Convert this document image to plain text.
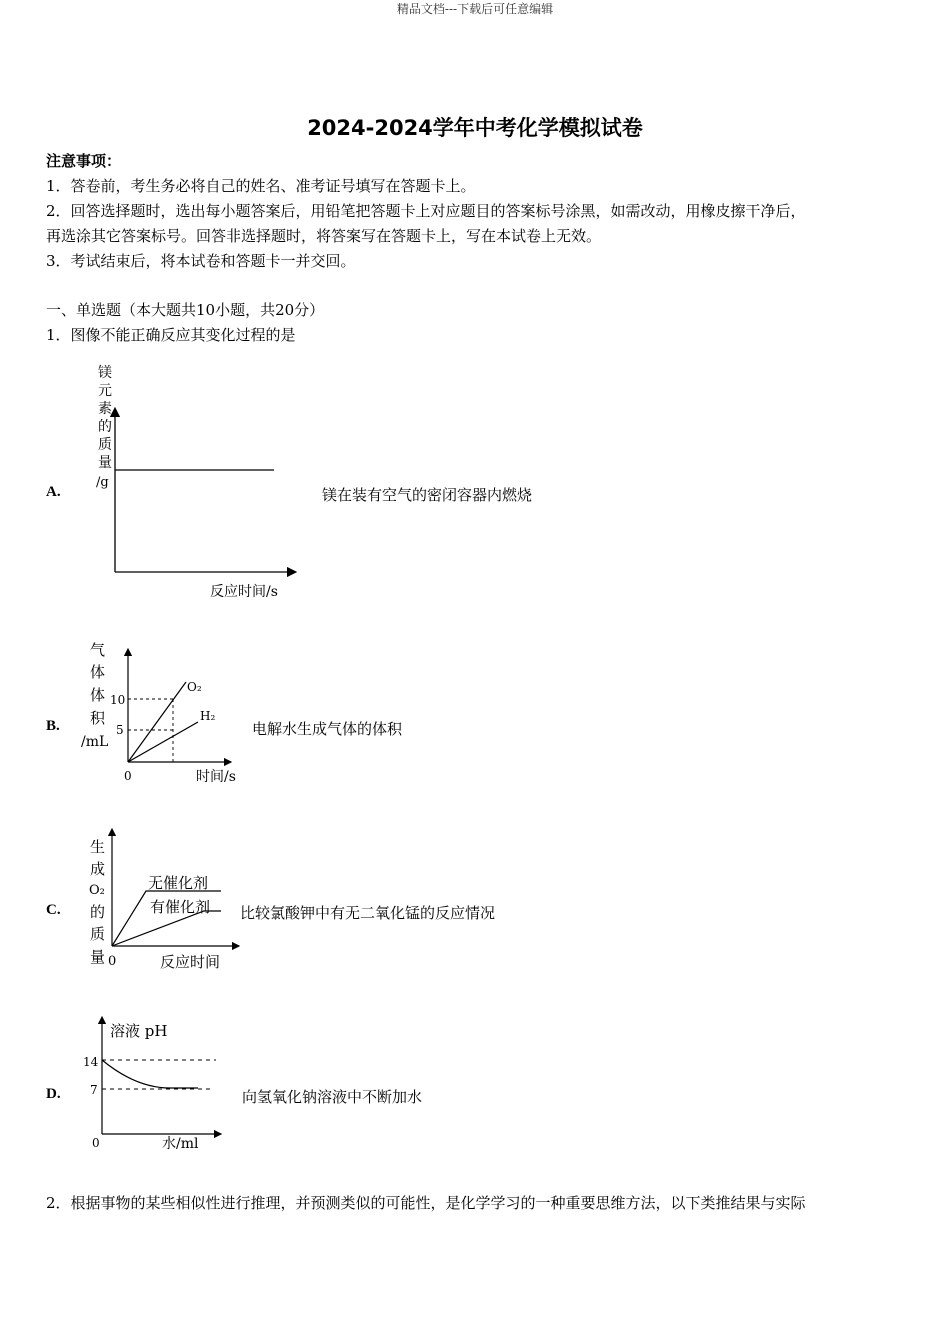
精品文档---下载后可任意编辑
2024-2024学年中考化学模拟试卷
注意事项：
1．答卷前，考生务必将自己的姓名、准考证号填写在答题卡上。
2．回答选择题时，选出每小题答案后，用铅笔把答题卡上对应题目的答案标号涂黑，如需改动，用橡皮擦干净后，
再选涂其它答案标号。回答非选择题时，将答案写在答题卡上，写在本试卷上无效。
3．考试结束后，将本试卷和答题卡一并交回。
一、单选题（本大题共10小题，共20分）
1．图像不能正确反应其变化过程的是
A.	镁在装有空气的密闭容器内燃烧
镁
元
素
的
质
量
/g
反应时间/s
B.	电解水生成气体的体积
O₂
H₂
10
5
0	时间/s
气
体
体
积
/mL
C.	比较氯酸钾中有无二氧化锰的反应情况
无催化剂
有催化剂
0	反应时间
生
成
O₂
的
质
量
D.	向氢氧化钠溶液中不断加水
溶液 pH
14
7
0	水/ml
2．根据事物的某些相似性进行推理，并预测类似的可能性，是化学学习的一种重要思维方法，以下类推结果与实际
